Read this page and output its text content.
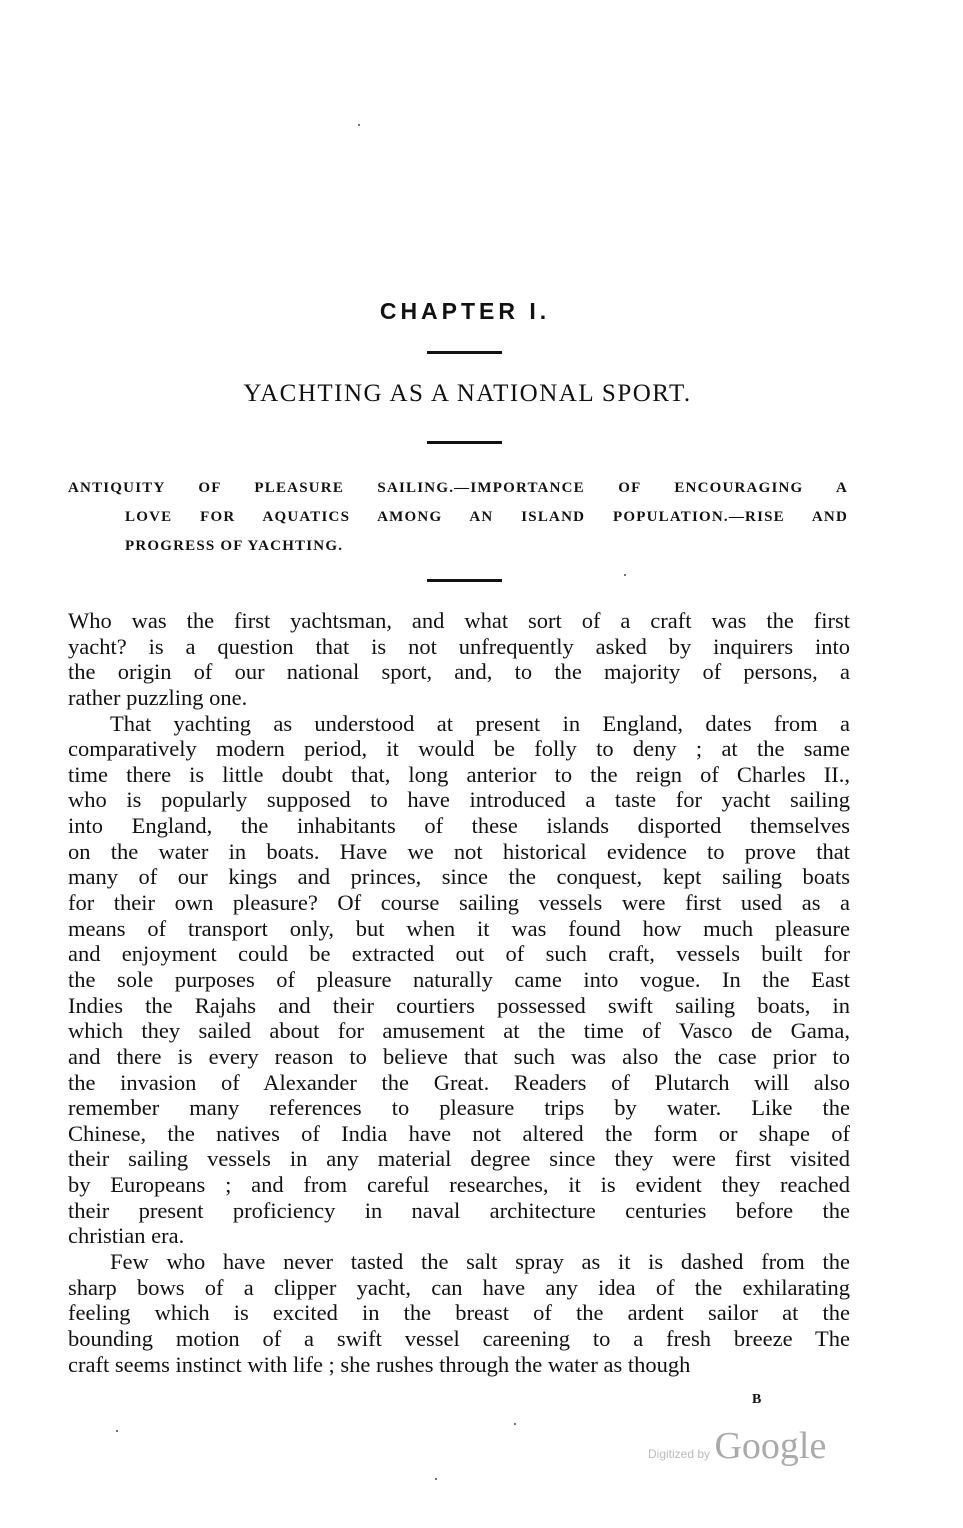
CHAPTER I.
YACHTING AS A NATIONAL SPORT.
ANTIQUITY OF PLEASURE SAILING.—IMPORTANCE OF ENCOURAGING A
LOVE FOR AQUATICS AMONG AN ISLAND POPULATION.—RISE AND
PROGRESS OF YACHTING.
Who was the first yachtsman, and what sort of a craft was the first
yacht? is a question that is not unfrequently asked by inquirers into
the origin of our national sport, and, to the majority of persons, a
rather puzzling one.
That yachting as understood at present in England, dates from a
comparatively modern period, it would be folly to deny ; at the same
time there is little doubt that, long anterior to the reign of Charles II.,
who is popularly supposed to have introduced a taste for yacht sailing
into England, the inhabitants of these islands disported themselves
on the water in boats. Have we not historical evidence to prove that
many of our kings and princes, since the conquest, kept sailing boats
for their own pleasure? Of course sailing vessels were first used as a
means of transport only, but when it was found how much pleasure
and enjoyment could be extracted out of such craft, vessels built for
the sole purposes of pleasure naturally came into vogue. In the East
Indies the Rajahs and their courtiers possessed swift sailing boats, in
which they sailed about for amusement at the time of Vasco de Gama,
and there is every reason to believe that such was also the case prior to
the invasion of Alexander the Great. Readers of Plutarch will also
remember many references to pleasure trips by water. Like the
Chinese, the natives of India have not altered the form or shape of
their sailing vessels in any material degree since they were first visited
by Europeans ; and from careful researches, it is evident they reached
their present proficiency in naval architecture centuries before the
christian era.
Few who have never tasted the salt spray as it is dashed from the
sharp bows of a clipper yacht, can have any idea of the exhilarating
feeling which is excited in the breast of the ardent sailor at the
bounding motion of a swift vessel careening to a fresh breeze The
craft seems instinct with life ; she rushes through the water as though
B
Digitized by Google
